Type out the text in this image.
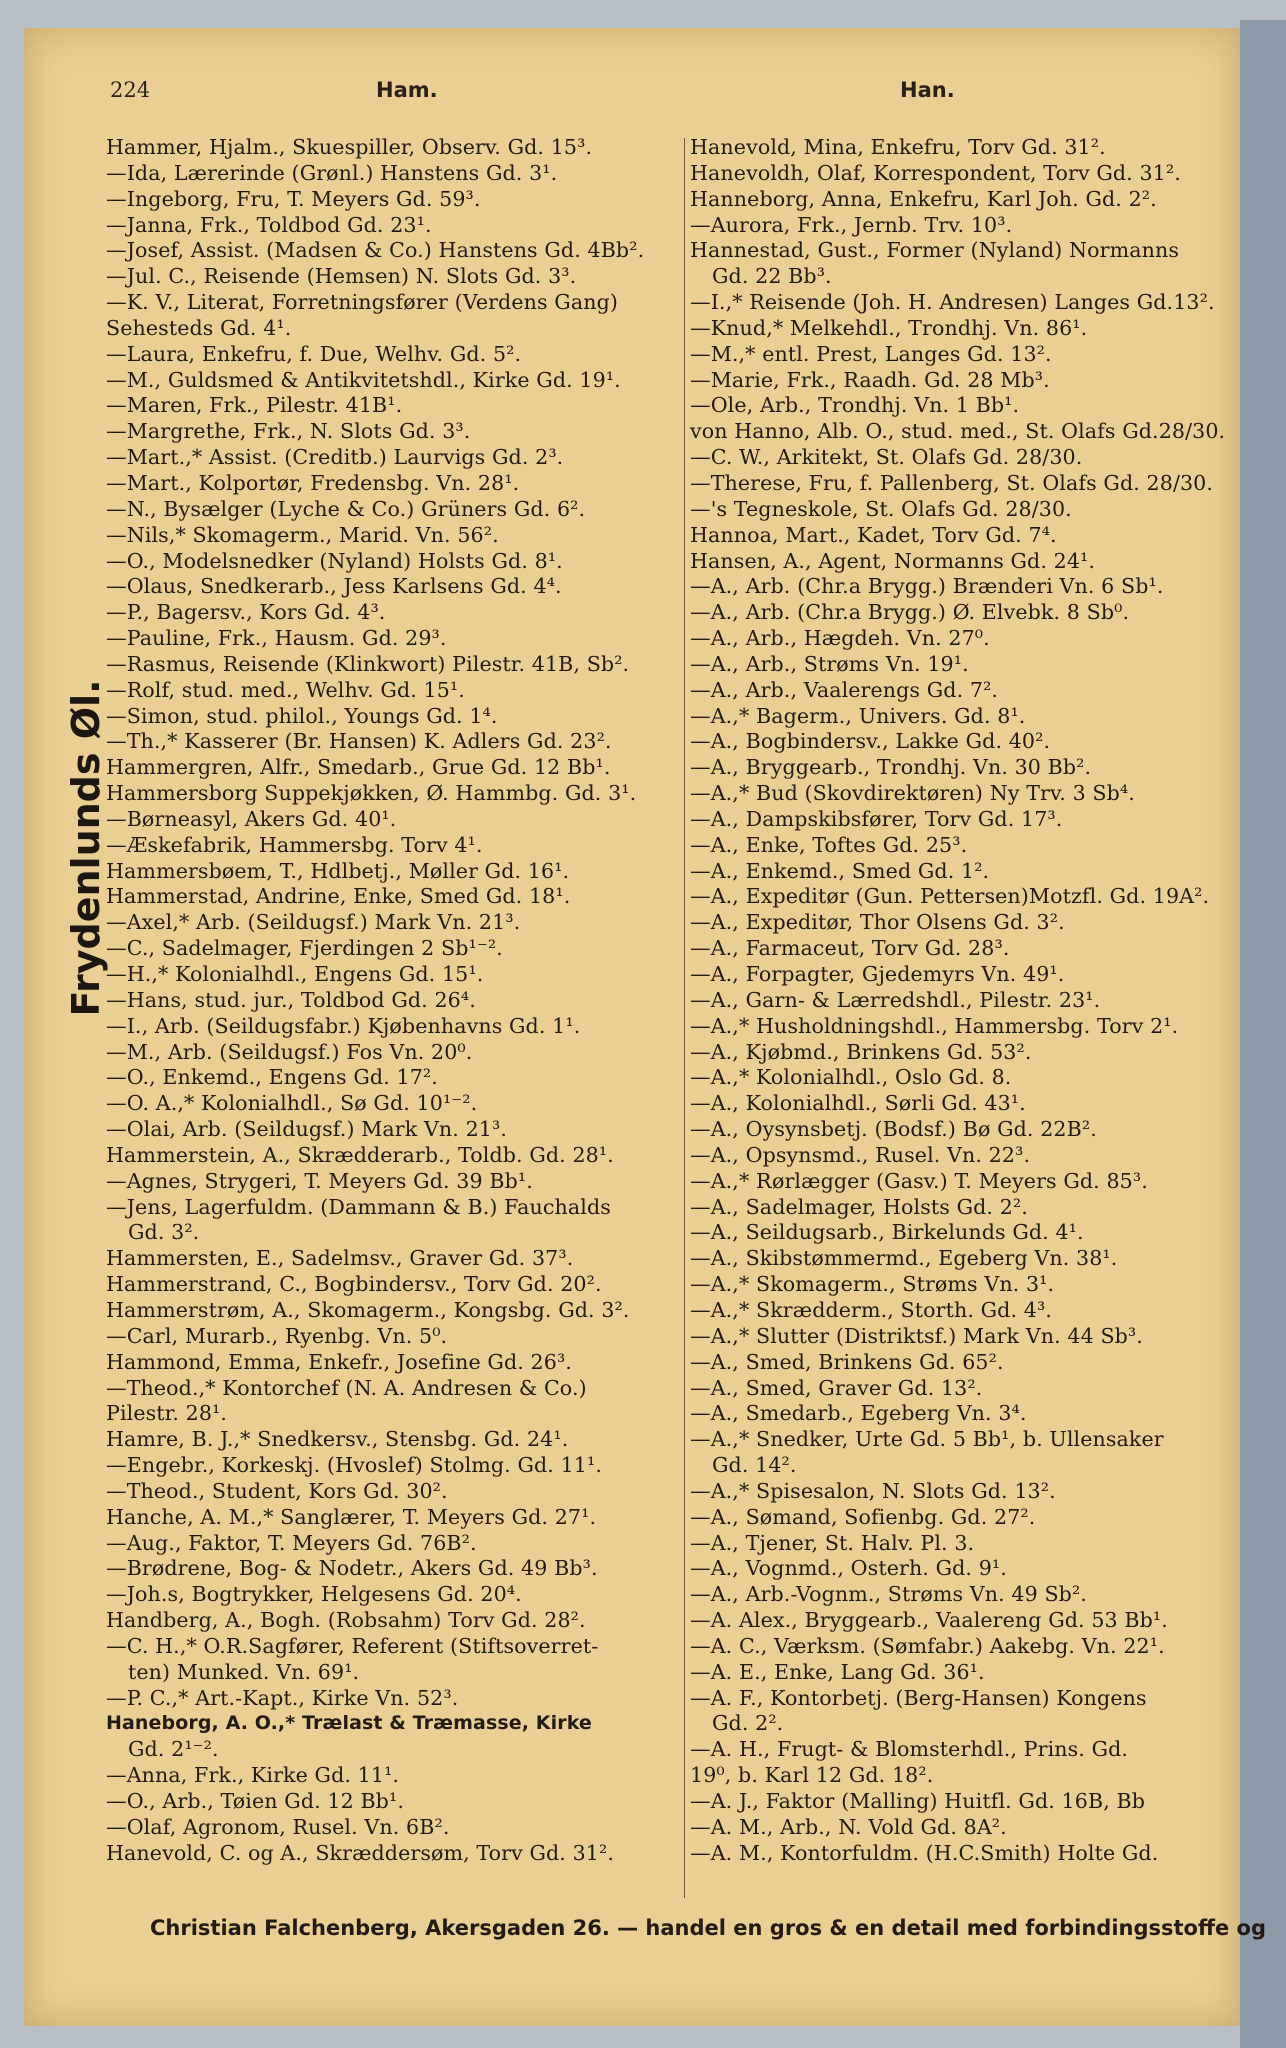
224	Ham.	Han.
Frydenlunds Øl.
Hammer, Hjalm., Skuespiller, Observ. Gd. 15³.
—Ida, Lærerinde (Grønl.) Hanstens Gd. 3¹.
—Ingeborg, Fru, T. Meyers Gd. 59³.
—Janna, Frk., Toldbod Gd. 23¹.
—Josef, Assist. (Madsen & Co.) Hanstens Gd. 4Bb².
—Jul. C., Reisende (Hemsen) N. Slots Gd. 3³.
—K. V., Literat, Forretningsfører (Verdens Gang)
Sehesteds Gd. 4¹.
—Laura, Enkefru, f. Due, Welhv. Gd. 5².
—M., Guldsmed & Antikvitetshdl., Kirke Gd. 19¹.
—Maren, Frk., Pilestr. 41B¹.
—Margrethe, Frk., N. Slots Gd. 3³.
—Mart.,* Assist. (Creditb.) Laurvigs Gd. 2³.
—Mart., Kolportør, Fredensbg. Vn. 28¹.
—N., Bysælger (Lyche & Co.) Grüners Gd. 6².
—Nils,* Skomagerm., Marid. Vn. 56².
—O., Modelsnedker (Nyland) Holsts Gd. 8¹.
—Olaus, Snedkerarb., Jess Karlsens Gd. 4⁴.
—P., Bagersv., Kors Gd. 4³.
—Pauline, Frk., Hausm. Gd. 29³.
—Rasmus, Reisende (Klinkwort) Pilestr. 41B, Sb².
—Rolf, stud. med., Welhv. Gd. 15¹.
—Simon, stud. philol., Youngs Gd. 1⁴.
—Th.,* Kasserer (Br. Hansen) K. Adlers Gd. 23².
Hammergren, Alfr., Smedarb., Grue Gd. 12 Bb¹.
Hammersborg Suppekjøkken, Ø. Hammbg. Gd. 3¹.
—Børneasyl, Akers Gd. 40¹.
—Æskefabrik, Hammersbg. Torv 4¹.
Hammersbøem, T., Hdlbetj., Møller Gd. 16¹.
Hammerstad, Andrine, Enke, Smed Gd. 18¹.
—Axel,* Arb. (Seildugsf.) Mark Vn. 21³.
—C., Sadelmager, Fjerdingen 2 Sb¹⁻².
—H.,* Kolonialhdl., Engens Gd. 15¹.
—Hans, stud. jur., Toldbod Gd. 26⁴.
—I., Arb. (Seildugsfabr.) Kjøbenhavns Gd. 1¹.
—M., Arb. (Seildugsf.) Fos Vn. 20⁰.
—O., Enkemd., Engens Gd. 17².
—O. A.,* Kolonialhdl., Sø Gd. 10¹⁻².
—Olai, Arb. (Seildugsf.) Mark Vn. 21³.
Hammerstein, A., Skrædderarb., Toldb. Gd. 28¹.
—Agnes, Strygeri, T. Meyers Gd. 39 Bb¹.
—Jens, Lagerfuldm. (Dammann & B.) Fauchalds
Gd. 3².
Hammersten, E., Sadelmsv., Graver Gd. 37³.
Hammerstrand, C., Bogbindersv., Torv Gd. 20².
Hammerstrøm, A., Skomagerm., Kongsbg. Gd. 3².
—Carl, Murarb., Ryenbg. Vn. 5⁰.
Hammond, Emma, Enkefr., Josefine Gd. 26³.
—Theod.,* Kontorchef (N. A. Andresen & Co.)
Pilestr. 28¹.
Hamre, B. J.,* Snedkersv., Stensbg. Gd. 24¹.
—Engebr., Korkeskj. (Hvoslef) Stolmg. Gd. 11¹.
—Theod., Student, Kors Gd. 30².
Hanche, A. M.,* Sanglærer, T. Meyers Gd. 27¹.
—Aug., Faktor, T. Meyers Gd. 76B².
—Brødrene, Bog- & Nodetr., Akers Gd. 49 Bb³.
—Joh.s, Bogtrykker, Helgesens Gd. 20⁴.
Handberg, A., Bogh. (Robsahm) Torv Gd. 28².
—C. H.,* O.R.Sagfører, Referent (Stiftsoverret-
ten) Munked. Vn. 69¹.
—P. C.,* Art.-Kapt., Kirke Vn. 52³.
Haneborg, A. O.,* Trælast & Træmasse, Kirke
Gd. 2¹⁻².
—Anna, Frk., Kirke Gd. 11¹.
—O., Arb., Tøien Gd. 12 Bb¹.
—Olaf, Agronom, Rusel. Vn. 6B².
Hanevold, C. og A., Skræddersøm, Torv Gd. 31².
Hanevold, Mina, Enkefru, Torv Gd. 31².
Hanevoldh, Olaf, Korrespondent, Torv Gd. 31².
Hanneborg, Anna, Enkefru, Karl Joh. Gd. 2².
—Aurora, Frk., Jernb. Trv. 10³.
Hannestad, Gust., Former (Nyland) Normanns
Gd. 22 Bb³.
—I.,* Reisende (Joh. H. Andresen) Langes Gd.13².
—Knud,* Melkehdl., Trondhj. Vn. 86¹.
—M.,* entl. Prest, Langes Gd. 13².
—Marie, Frk., Raadh. Gd. 28 Mb³.
—Ole, Arb., Trondhj. Vn. 1 Bb¹.
von Hanno, Alb. O., stud. med., St. Olafs Gd.28/30.
—C. W., Arkitekt, St. Olafs Gd. 28/30.
—Therese, Fru, f. Pallenberg, St. Olafs Gd. 28/30.
—'s Tegneskole, St. Olafs Gd. 28/30.
Hannoa, Mart., Kadet, Torv Gd. 7⁴.
Hansen, A., Agent, Normanns Gd. 24¹.
—A., Arb. (Chr.a Brygg.) Brænderi Vn. 6 Sb¹.
—A., Arb. (Chr.a Brygg.) Ø. Elvebk. 8 Sb⁰.
—A., Arb., Hægdeh. Vn. 27⁰.
—A., Arb., Strøms Vn. 19¹.
—A., Arb., Vaalerengs Gd. 7².
—A.,* Bagerm., Univers. Gd. 8¹.
—A., Bogbindersv., Lakke Gd. 40².
—A., Bryggearb., Trondhj. Vn. 30 Bb².
—A.,* Bud (Skovdirektøren) Ny Trv. 3 Sb⁴.
—A., Dampskibsfører, Torv Gd. 17³.
—A., Enke, Toftes Gd. 25³.
—A., Enkemd., Smed Gd. 1².
—A., Expeditør (Gun. Pettersen)Motzfl. Gd. 19A².
—A., Expeditør, Thor Olsens Gd. 3².
—A., Farmaceut, Torv Gd. 28³.
—A., Forpagter, Gjedemyrs Vn. 49¹.
—A., Garn- & Lærredshdl., Pilestr. 23¹.
—A.,* Husholdningshdl., Hammersbg. Torv 2¹.
—A., Kjøbmd., Brinkens Gd. 53².
—A.,* Kolonialhdl., Oslo Gd. 8.
—A., Kolonialhdl., Sørli Gd. 43¹.
—A., Oysynsbetj. (Bodsf.) Bø Gd. 22B².
—A., Opsynsmd., Rusel. Vn. 22³.
—A.,* Rørlægger (Gasv.) T. Meyers Gd. 85³.
—A., Sadelmager, Holsts Gd. 2².
—A., Seildugsarb., Birkelunds Gd. 4¹.
—A., Skibstømmermd., Egeberg Vn. 38¹.
—A.,* Skomagerm., Strøms Vn. 3¹.
—A.,* Skrædderm., Storth. Gd. 4³.
—A.,* Slutter (Distriktsf.) Mark Vn. 44 Sb³.
—A., Smed, Brinkens Gd. 65².
—A., Smed, Graver Gd. 13².
—A., Smedarb., Egeberg Vn. 3⁴.
—A.,* Snedker, Urte Gd. 5 Bb¹, b. Ullensaker
Gd. 14².
—A.,* Spisesalon, N. Slots Gd. 13².
—A., Sømand, Sofienbg. Gd. 27².
—A., Tjener, St. Halv. Pl. 3.
—A., Vognmd., Osterh. Gd. 9¹.
—A., Arb.-Vognm., Strøms Vn. 49 Sb².
—A. Alex., Bryggearb., Vaalereng Gd. 53 Bb¹.
—A. C., Værksm. (Sømfabr.) Aakebg. Vn. 22¹.
—A. E., Enke, Lang Gd. 36¹.
—A. F., Kontorbetj. (Berg-Hansen) Kongens
Gd. 2².
—A. H., Frugt- & Blomsterhdl., Prins. Gd.
19⁰, b. Karl 12 Gd. 18².
—A. J., Faktor (Malling) Huitfl. Gd. 16B, Bb
—A. M., Arb., N. Vold Gd. 8A².
—A. M., Kontorfuldm. (H.C.Smith) Holte Gd.
Christian Falchenberg, Akersgaden 26. — handel en gros & en detail med forbindingsstoffe og
